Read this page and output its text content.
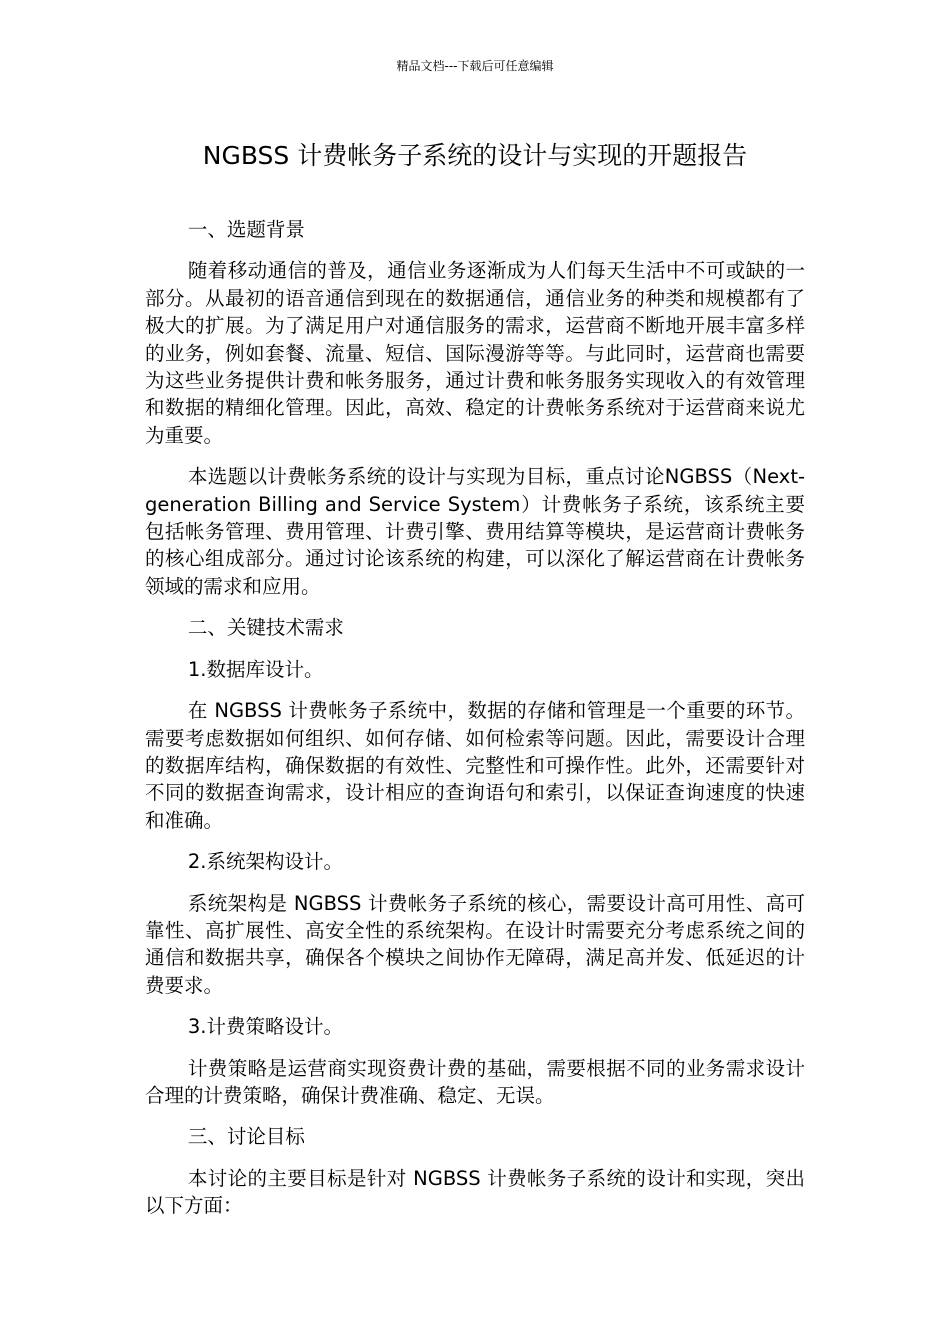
精品文档---下载后可任意编辑
NGBSS 计费帐务子系统的设计与实现的开题报告

一、选题背景

随着移动通信的普及，通信业务逐渐成为人们每天生活中不可或缺的一部分。从最初的语音通信到现在的数据通信，通信业务的种类和规模都有了极大的扩展。为了满足用户对通信服务的需求，运营商不断地开展丰富多样的业务，例如套餐、流量、短信、国际漫游等等。与此同时，运营商也需要为这些业务提供计费和帐务服务，通过计费和帐务服务实现收入的有效管理和数据的精细化管理。因此，高效、稳定的计费帐务系统对于运营商来说尤为重要。

本选题以计费帐务系统的设计与实现为目标，重点讨论NGBSS（Next-generation Billing and Service System）计费帐务子系统，该系统主要包括帐务管理、费用管理、计费引擎、费用结算等模块，是运营商计费帐务的核心组成部分。通过讨论该系统的构建，可以深化了解运营商在计费帐务领域的需求和应用。

二、关键技术需求

1.数据库设计。

在 NGBSS 计费帐务子系统中，数据的存储和管理是一个重要的环节。需要考虑数据如何组织、如何存储、如何检索等问题。因此，需要设计合理的数据库结构，确保数据的有效性、完整性和可操作性。此外，还需要针对不同的数据查询需求，设计相应的查询语句和索引，以保证查询速度的快速和准确。

2.系统架构设计。

系统架构是 NGBSS 计费帐务子系统的核心，需要设计高可用性、高可靠性、高扩展性、高安全性的系统架构。在设计时需要充分考虑系统之间的通信和数据共享，确保各个模块之间协作无障碍，满足高并发、低延迟的计费要求。

3.计费策略设计。

计费策略是运营商实现资费计费的基础，需要根据不同的业务需求设计合理的计费策略，确保计费准确、稳定、无误。

三、讨论目标

本讨论的主要目标是针对 NGBSS 计费帐务子系统的设计和实现，突出以下方面：
